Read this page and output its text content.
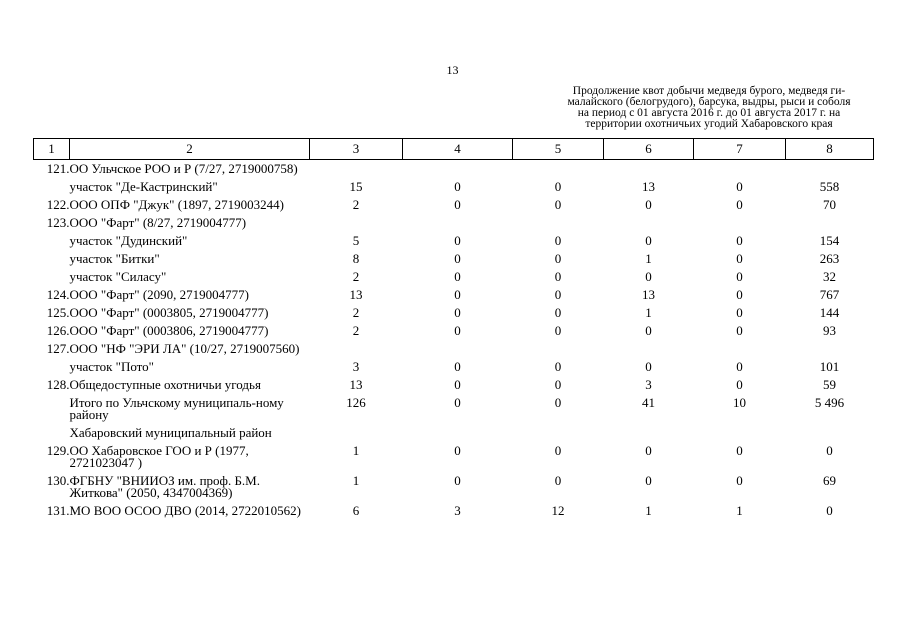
13
Продолжение квот добычи медведя бурого, медведя ги-
малайского (белогрудого), барсука, выдры, рыси и соболя
на период с 01 августа 2016 г. до 01 августа 2017 г. на
территории охотничьих угодий Хабаровского края
1	2	3	4	5	6	7	8
121.	ОО Ульчское РОО и Р (7/27, 2719000758)						
	участок "Де-Кастринский"	15	0	0	13	0	558
122.	ООО ОПФ "Джук" (1897, 2719003244)	2	0	0	0	0	70
123.	ООО "Фарт" (8/27, 2719004777)						
	участок "Дудинский"	5	0	0	0	0	154
	участок "Битки"	8	0	0	1	0	263
	участок "Силасу"	2	0	0	0	0	32
124.	ООО "Фарт" (2090, 2719004777)	13	0	0	13	0	767
125.	ООО "Фарт" (0003805, 2719004777)	2	0	0	1	0	144
126.	ООО "Фарт" (0003806, 2719004777)	2	0	0	0	0	93
127.	ООО "НФ "ЭРИ ЛА" (10/27, 2719007560)						
	участок "Пото"	3	0	0	0	0	101
128.	Общедоступные охотничьи угодья	13	0	0	3	0	59
	Итого по Ульчскому муниципаль-ному району	126	0	0	41	10	5 496
	Хабаровский муниципальный район						
129.	ОО Хабаровское ГОО и Р (1977, 2721023047 )	1	0	0	0	0	0
130.	ФГБНУ "ВНИИОЗ им. проф. Б.М. Житкова" (2050, 4347004369)	1	0	0	0	0	69
131.	МО ВОО ОСОО ДВО (2014, 2722010562)	6	3	12	1	1	0
